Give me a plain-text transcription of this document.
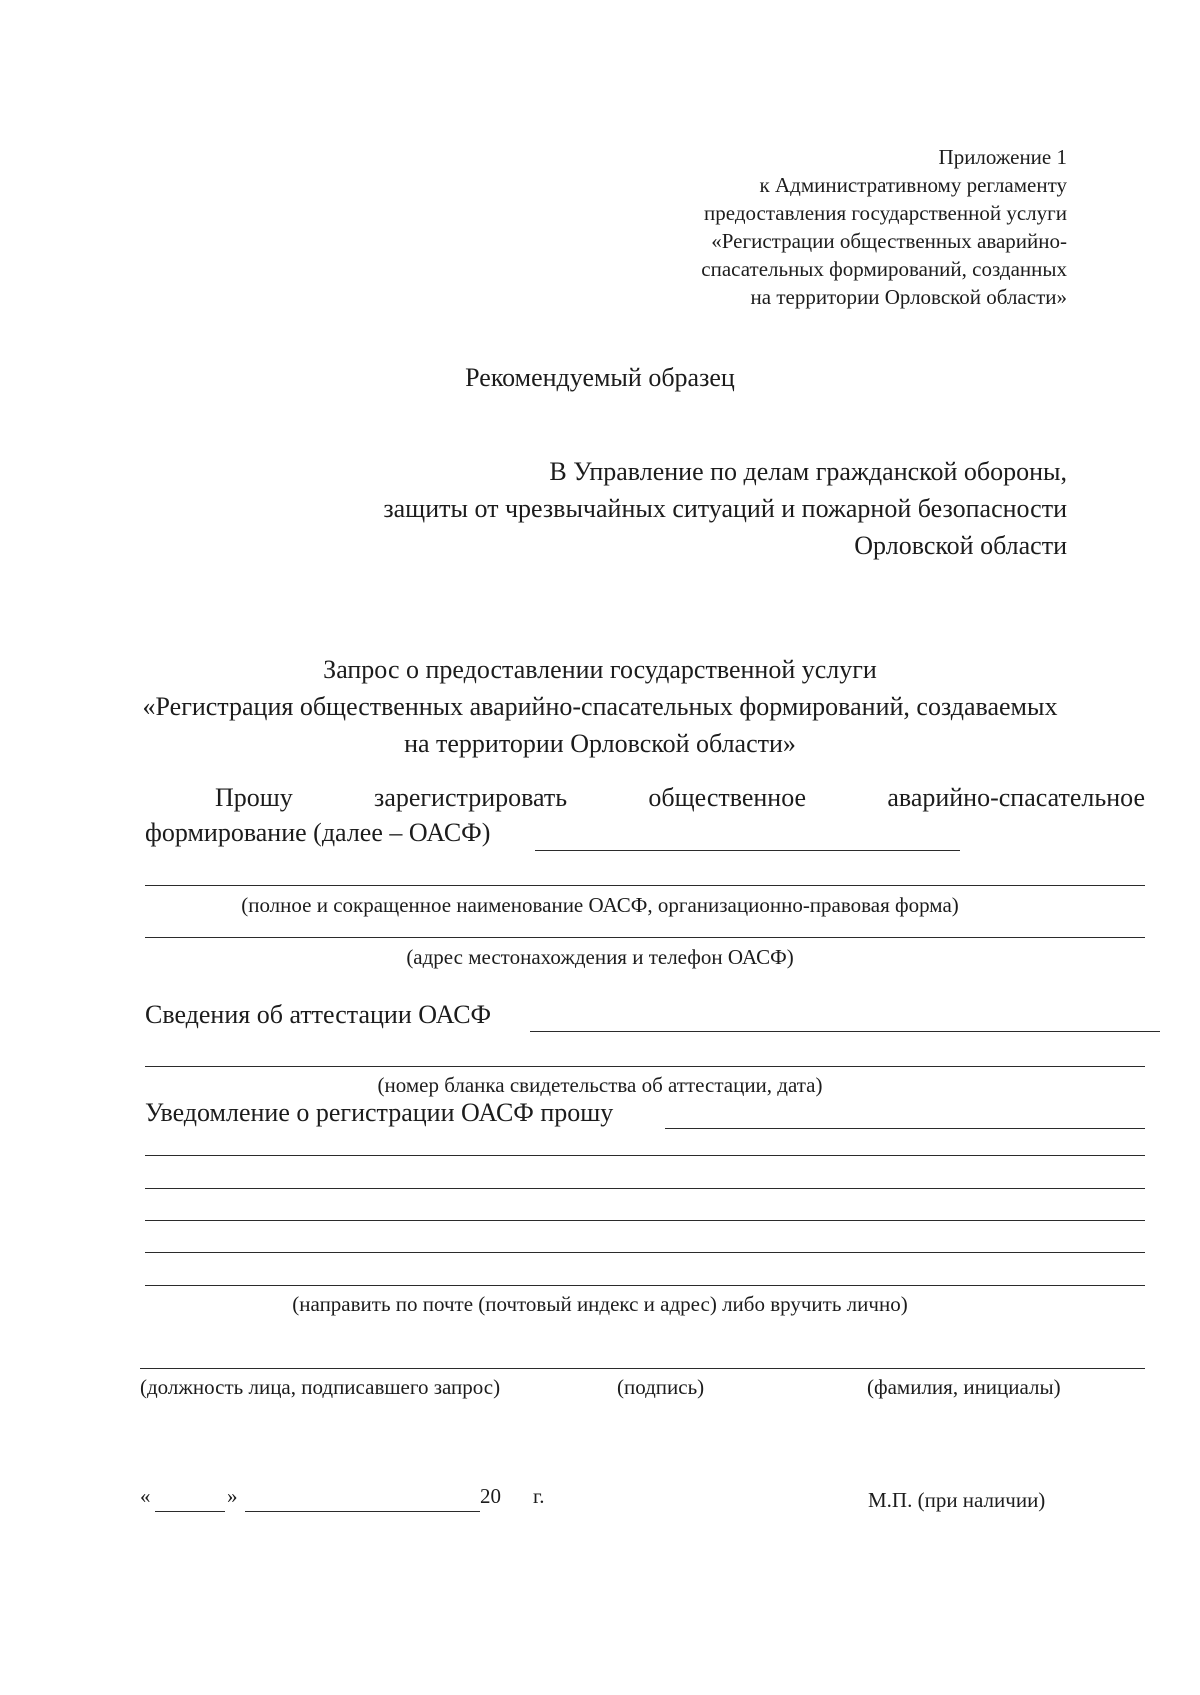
Приложение 1
к Административному регламенту
предоставления государственной услуги
«Регистрации общественных аварийно-
спасательных формирований, созданных
на территории Орловской области»
Рекомендуемый образец
В Управление по делам гражданской обороны,
защиты от чрезвычайных ситуаций и пожарной безопасности
Орловской области
Запрос о предоставлении государственной услуги
«Регистрация общественных аварийно-спасательных формирований, создаваемых
на территории Орловской области»
Прошу	зарегистрировать	общественное	аварийно-спасательное
формирование (далее – ОАСФ)
(полное и сокращенное наименование ОАСФ, организационно-правовая форма)
(адрес местонахождения и телефон ОАСФ)
Сведения об аттестации ОАСФ
(номер бланка свидетельства об аттестации, дата)
Уведомление о регистрации ОАСФ прошу
(направить по почте (почтовый индекс и адрес) либо вручить лично)
(должность лица, подписавшего запрос)	(подпись)	(фамилия, инициалы)
«	»	20 г.	М.П. (при наличии)
